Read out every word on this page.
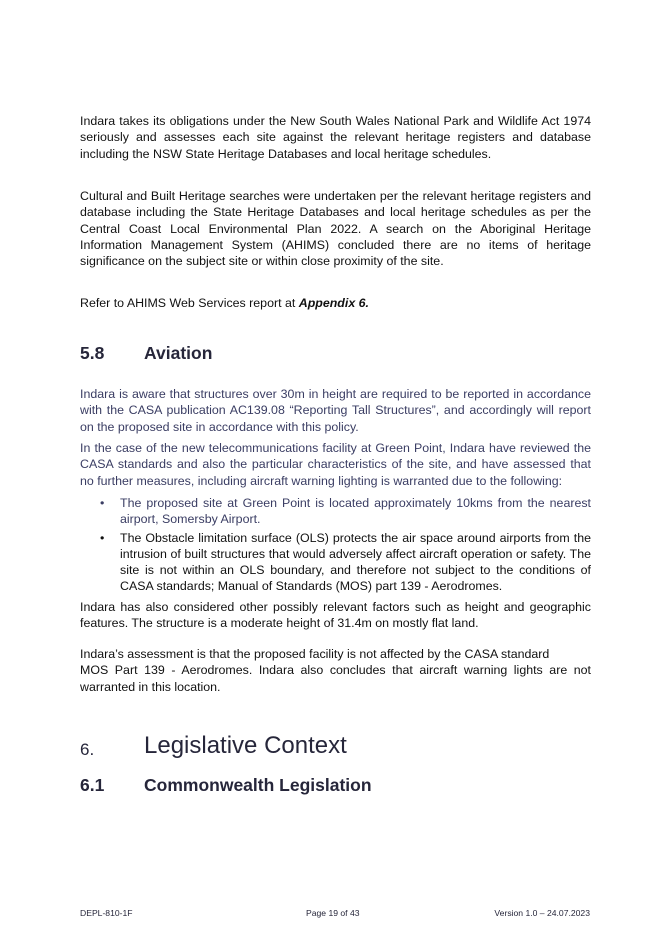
Indara takes its obligations under the New South Wales National Park and Wildlife Act 1974 seriously and assesses each site against the relevant heritage registers and database including the NSW State Heritage Databases and local heritage schedules.

Cultural and Built Heritage searches were undertaken per the relevant heritage registers and database including the State Heritage Databases and local heritage schedules as per the Central Coast Local Environmental Plan 2022. A search on the Aboriginal Heritage Information Management System (AHIMS) concluded there are no items of heritage significance on the subject site or within close proximity of the site.

Refer to AHIMS Web Services report at Appendix 6.

5.8 Aviation

Indara is aware that structures over 30m in height are required to be reported in accordance with the CASA publication AC139.08 “Reporting Tall Structures”, and accordingly will report on the proposed site in accordance with this policy.

In the case of the new telecommunications facility at Green Point, Indara have reviewed the CASA standards and also the particular characteristics of the site, and have assessed that no further measures, including aircraft warning lighting is warranted due to the following:

• The proposed site at Green Point is located approximately 10kms from the nearest airport, Somersby Airport.
• The Obstacle limitation surface (OLS) protects the air space around airports from the intrusion of built structures that would adversely affect aircraft operation or safety. The site is not within an OLS boundary, and therefore not subject to the conditions of CASA standards; Manual of Standards (MOS) part 139 - Aerodromes.

Indara has also considered other possibly relevant factors such as height and geographic features. The structure is a moderate height of 31.4m on mostly flat land.

Indara’s assessment is that the proposed facility is not affected by the CASA standard
MOS Part 139 - Aerodromes. Indara also concludes that aircraft warning lights are not warranted in this location.
6. Legislative Context
6.1 Commonwealth Legislation
DEPL-810-1F	Page 19 of 43	Version 1.0 – 24.07.2023
